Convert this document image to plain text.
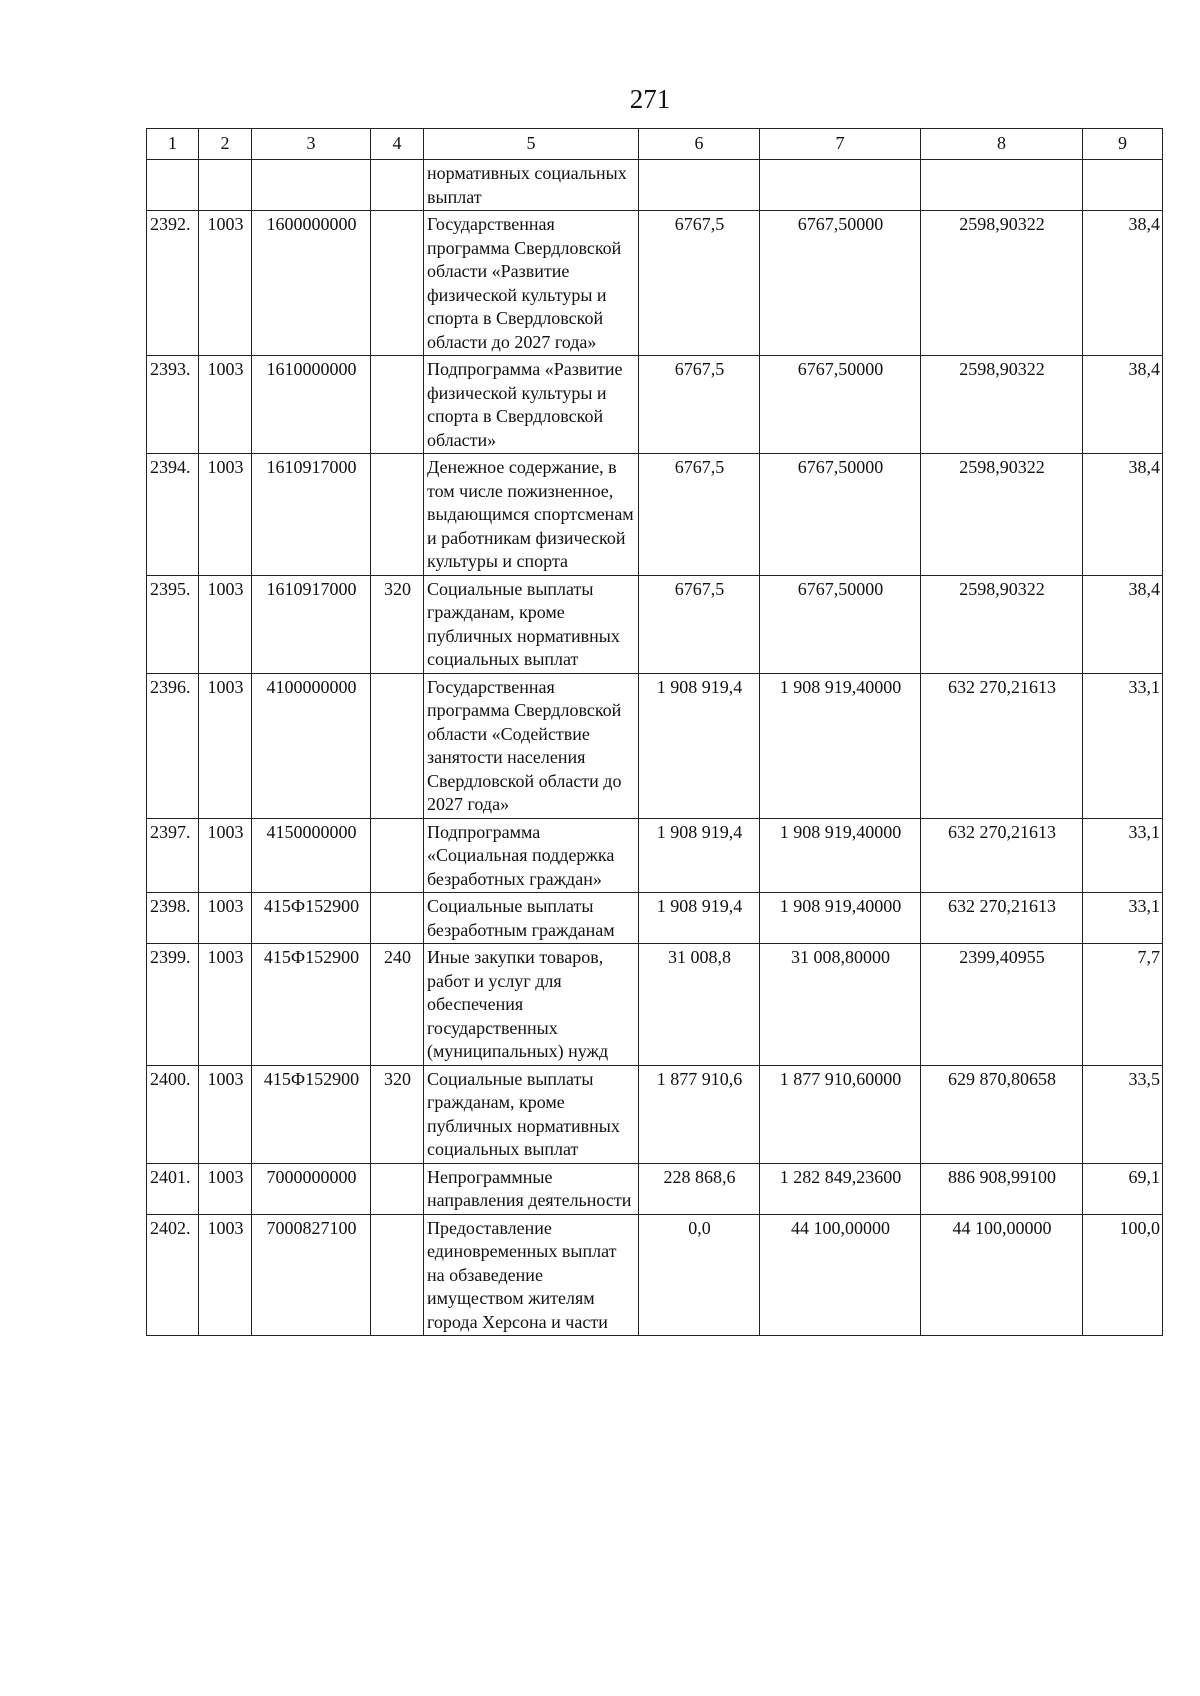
271
1	2	3	4	5	6	7	8	9
				нормативных социальных выплат				
2392.	1003	1600000000		Государственная программа Свердловской области «Развитие физической культуры и спорта в Свердловской области до 2027 года»	6767,5	6767,50000	2598,90322	38,4
2393.	1003	1610000000		Подпрограмма «Развитие физической культуры и спорта в Свердловской области»	6767,5	6767,50000	2598,90322	38,4
2394.	1003	1610917000		Денежное содержание, в том числе пожизненное, выдающимся спортсменам и работникам физической культуры и спорта	6767,5	6767,50000	2598,90322	38,4
2395.	1003	1610917000	320	Социальные выплаты гражданам, кроме публичных нормативных социальных выплат	6767,5	6767,50000	2598,90322	38,4
2396.	1003	4100000000		Государственная программа Свердловской области «Содействие занятости населения Свердловской области до 2027 года»	1 908 919,4	1 908 919,40000	632 270,21613	33,1
2397.	1003	4150000000		Подпрограмма «Социальная поддержка безработных граждан»	1 908 919,4	1 908 919,40000	632 270,21613	33,1
2398.	1003	415Ф152900		Социальные выплаты безработным гражданам	1 908 919,4	1 908 919,40000	632 270,21613	33,1
2399.	1003	415Ф152900	240	Иные закупки товаров, работ и услуг для обеспечения государственных (муниципальных) нужд	31 008,8	31 008,80000	2399,40955	7,7
2400.	1003	415Ф152900	320	Социальные выплаты гражданам, кроме публичных нормативных социальных выплат	1 877 910,6	1 877 910,60000	629 870,80658	33,5
2401.	1003	7000000000		Непрограммные направления деятельности	228 868,6	1 282 849,23600	886 908,99100	69,1
2402.	1003	7000827100		Предоставление единовременных выплат на обзаведение имуществом жителям города Херсона и части	0,0	44 100,00000	44 100,00000	100,0
